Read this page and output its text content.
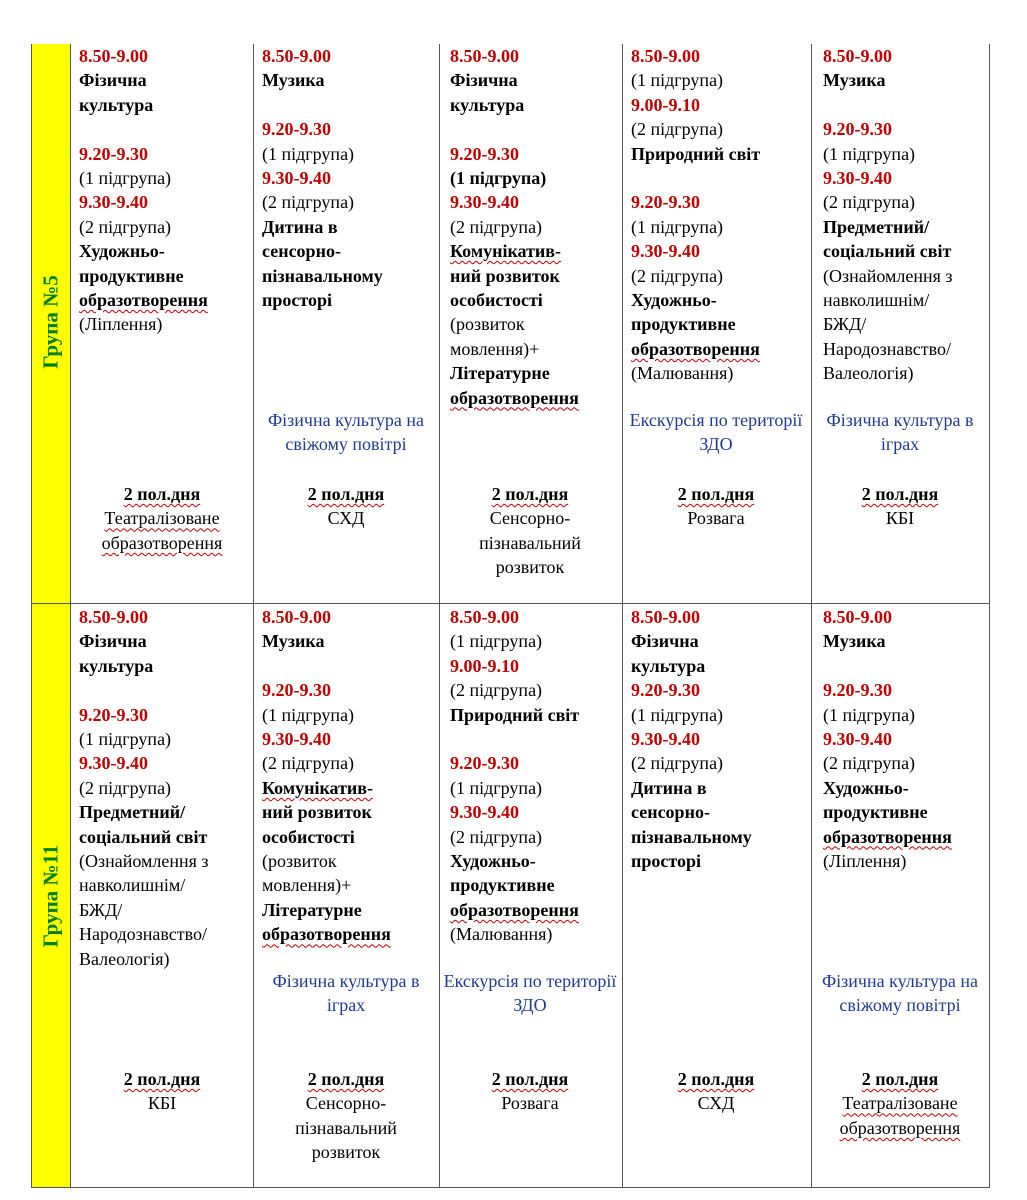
Група №5
Група №11
8.50-9.00
Фізична
культура
9.20-9.30
(1 підгрупа)
9.30-9.40
(2 підгрупа)
Художньо-
продуктивне
образотворення
(Ліплення)
2 пол.дня
Театралізоване образотворення
8.50-9.00
Музика
9.20-9.30
(1 підгрупа)
9.30-9.40
(2 підгрупа)
Дитина в
сенсорно-
пізнавальному
просторі
Фізична культура на свіжому повітрі
2 пол.дня
СХД
8.50-9.00
Фізична
культура
9.20-9.30
(1 підгрупа)
9.30-9.40
(2 підгрупа)
Комунікатив-
ний розвиток
особистості
(розвиток
мовлення)+
Літературне
образотворення
2 пол.дня
Сенсорно-пізнавальний розвиток
8.50-9.00
(1 підгрупа)
9.00-9.10
(2 підгрупа)
Природний світ
9.20-9.30
(1 підгрупа)
9.30-9.40
(2 підгрупа)
Художньо-
продуктивне
образотворення
(Малювання)
Екскурсія по території ЗДО
2 пол.дня
Розвага
8.50-9.00
Музика
9.20-9.30
(1 підгрупа)
9.30-9.40
(2 підгрупа)
Предметний/
соціальний світ
(Ознайомлення з
навколишнім/
БЖД/
Народознавство/
Валеологія)
Фізична культура в іграх
2 пол.дня
КБІ
8.50-9.00
Фізична
культура
9.20-9.30
(1 підгрупа)
9.30-9.40
(2 підгрупа)
Предметний/
соціальний світ
(Ознайомлення з
навколишнім/
БЖД/
Народознавство/
Валеологія)
2 пол.дня
КБІ
8.50-9.00
Музика
9.20-9.30
(1 підгрупа)
9.30-9.40
(2 підгрупа)
Комунікатив-
ний розвиток
особистості
(розвиток
мовлення)+
Літературне
образотворення
Фізична культура в іграх
2 пол.дня
Сенсорно-пізнавальний розвиток
8.50-9.00
(1 підгрупа)
9.00-9.10
(2 підгрупа)
Природний світ
9.20-9.30
(1 підгрупа)
9.30-9.40
(2 підгрупа)
Художньо-
продуктивне
образотворення
(Малювання)
Екскурсія по території ЗДО
2 пол.дня
Розвага
8.50-9.00
Фізична
культура
9.20-9.30
(1 підгрупа)
9.30-9.40
(2 підгрупа)
Дитина в
сенсорно-
пізнавальному
просторі
2 пол.дня
СХД
8.50-9.00
Музика
9.20-9.30
(1 підгрупа)
9.30-9.40
(2 підгрупа)
Художньо-
продуктивне
образотворення
(Ліплення)
Фізична культура на свіжому повітрі
2 пол.дня
Театралізоване образотворення
